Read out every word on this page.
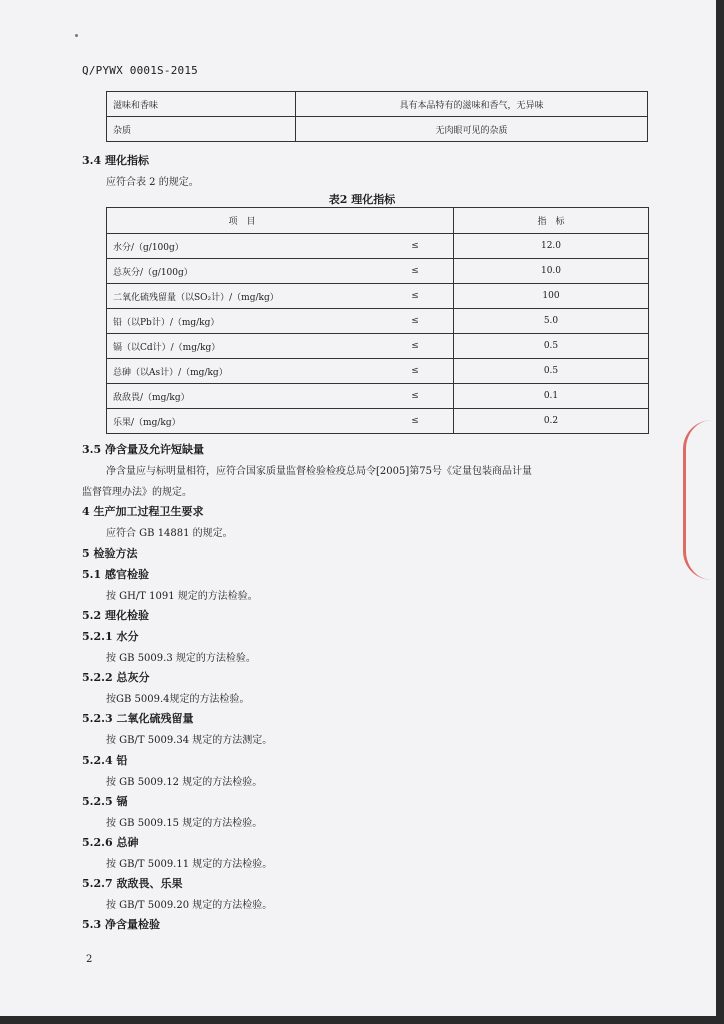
Q/PYWX 0001S-2015
滋味和香味	具有本品特有的滋味和香气，无异味
杂质	无肉眼可见的杂质
3.4 理化指标
应符合表 2 的规定。
表2 理化指标
项　目		指　标
水分/（g/100g）	≤	12.0
总灰分/（g/100g）	≤	10.0
二氧化硫残留量（以SO₂计）/（mg/kg）	≤	100
铅（以Pb计）/（mg/kg）	≤	5.0
镉（以Cd计）/（mg/kg）	≤	0.5
总砷（以As计）/（mg/kg）	≤	0.5
敌敌畏/（mg/kg）	≤	0.1
乐果/（mg/kg）	≤	0.2
3.5 净含量及允许短缺量
净含量应与标明量相符，应符合国家质量监督检验检疫总局令[2005]第75号《定量包装商品计量
监督管理办法》的规定。
4 生产加工过程卫生要求
应符合 GB 14881 的规定。
5 检验方法
5.1 感官检验
按 GH/T 1091 规定的方法检验。
5.2 理化检验
5.2.1 水分
按 GB 5009.3 规定的方法检验。
5.2.2 总灰分
按GB 5009.4规定的方法检验。
5.2.3 二氧化硫残留量
按 GB/T 5009.34 规定的方法测定。
5.2.4 铅
按 GB 5009.12 规定的方法检验。
5.2.5 镉
按 GB 5009.15 规定的方法检验。
5.2.6 总砷
按 GB/T 5009.11 规定的方法检验。
5.2.7 敌敌畏、乐果
按 GB/T 5009.20 规定的方法检验。
5.3 净含量检验
2
